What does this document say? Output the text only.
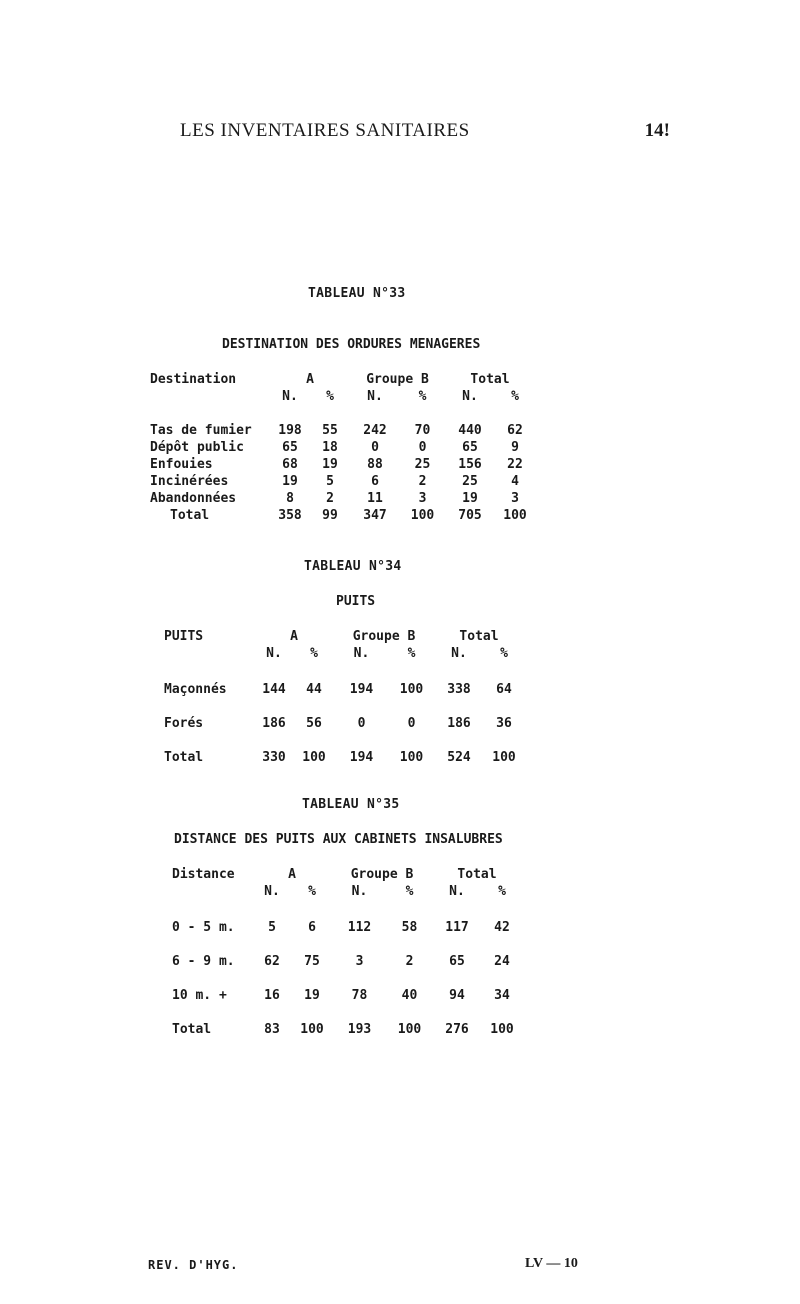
LES INVENTAIRES SANITAIRES	14!
TABLEAU N°33
DESTINATION DES ORDURES MENAGERES
Destination	A		Groupe B		Total	
	N.	%	N.	%	N.	%

Tas de fumier	198	55	242	70	440	62
Dépôt public	65	18	0	0	65	9
Enfouies	68	19	88	25	156	22
Incinérées	19	5	6	2	25	4
Abandonnées	8	2	11	3	19	3
Total	358	99	347	100	705	100
TABLEAU N°34
PUITS
PUITS	A		Groupe B		Total	
	N.	%	N.	%	N.	%

Maçonnés	144	44	194	100	338	64
Forés	186	56	0	0	186	36
Total	330	100	194	100	524	100
TABLEAU N°35
DISTANCE DES PUITS AUX CABINETS INSALUBRES
Distance	A		Groupe B		Total	
	N.	%	N.	%	N.	%

0 - 5 m.	5	6	112	58	117	42
6 - 9 m.	62	75	3	2	65	24
10 m. +	16	19	78	40	94	34
Total	83	100	193	100	276	100
REV. D'HYG.	LV — 10
